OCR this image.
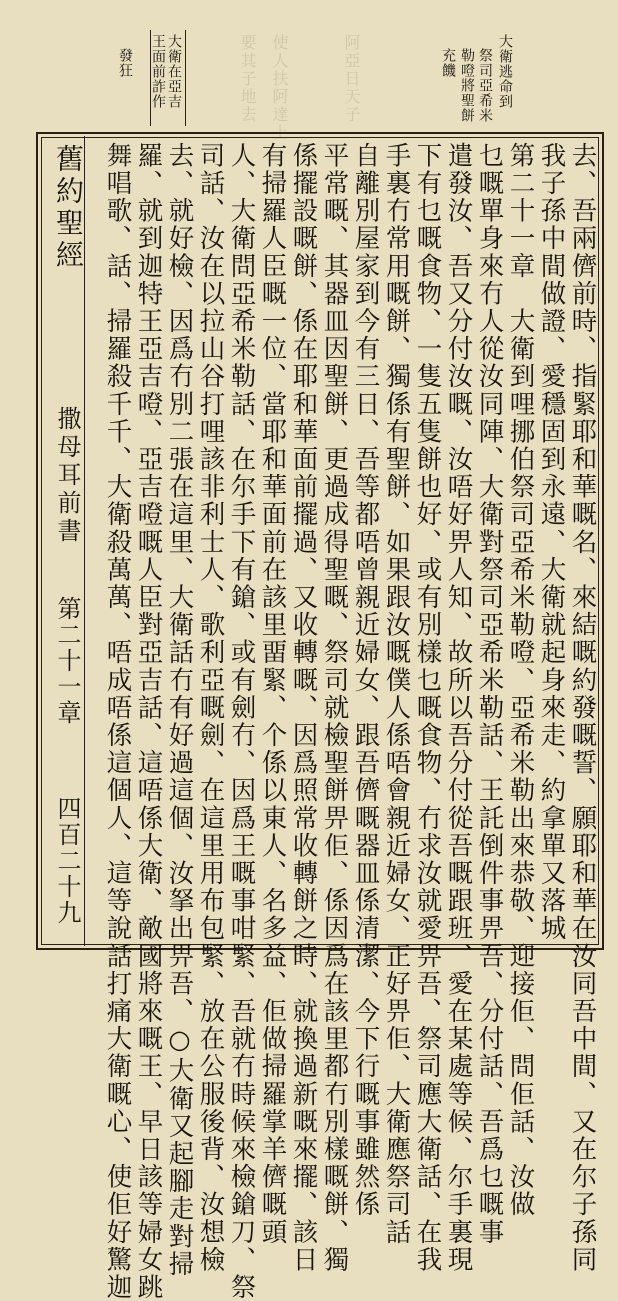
使人扶阿達上
要其子地去	阿亞日天子	大衛逃命到
祭司亞希米
勒噔將聖餅
充饑
大衛在亞吉
王面前詐作
發狂
舊約聖經
撒母耳前書
第二十一章
四百二十九	去、吾兩儕前時、指緊耶和華嘅名、來結嘅約發嘅誓、願耶和華在汝同吾中間、又在尔子孫同
我子孫中間做證、愛穩固到永遠、大衛就起身來走、約拿單又落城
第二十一章　大衛到哩挪伯祭司亞希米勒噔、亞希米勒出來恭敬、迎接佢、問佢話、汝做
乜嘅單身來冇人從汝同陣、大衛對祭司亞希米勒話、王託倒件事畀吾、分付話、吾爲乜嘅事
遣發汝、吾又分付汝嘅、汝唔好畀人知、故所以吾分付從吾嘅跟班、愛在某處等候、尔手裏現
下有乜嘅食物、一隻五隻餅也好、或有別樣乜嘅食物、冇求汝就愛畀吾、祭司應大衛話、在我
手裏冇常用嘅餅、獨係有聖餅、如果跟汝嘅僕人係唔會親近婦女、正好畀佢、大衛應祭司話
自離別屋家到今有三日、吾等都唔曾親近婦女、跟吾儕嘅器皿係清潔、今下行嘅事雖然係
平常嘅、其器皿因聖餅、更過成得聖嘅、祭司就檢聖餅畀佢、係因爲在該里都冇別樣嘅餅、獨
係擺設嘅餅、係在耶和華面前擺過、又收轉嘅、因爲照常收轉餅之時、就換過新嘅來擺、該日
有掃羅人臣嘅一位、當耶和華面前在該里畱緊、个係以東人、名多益、佢做掃羅掌羊儕嘅頭
人、大衛問亞希米勒話、在尔手下有鎗、或有劍冇、因爲王嘅事咁緊、吾就冇時候來檢鎗刀、祭
司話、汝在以拉山谷打哩該非利士人、歌利亞嘅劍、在這里用布包緊、放在公服後背、汝想檢
去、就好檢、因爲冇別二張在這里、大衛話冇有好過這個、汝拏出畀吾、○大衛又起腳走對掃
羅、就到迦特王亞吉噔、亞吉噔嘅人臣對亞吉話、這唔係大衛、敵國將來嘅王、早日該等婦女跳
舞唱歌、話、掃羅殺千千、大衛殺萬萬、唔成唔係這個人、這等說話打痛大衛嘅心、使佢好驚迦
